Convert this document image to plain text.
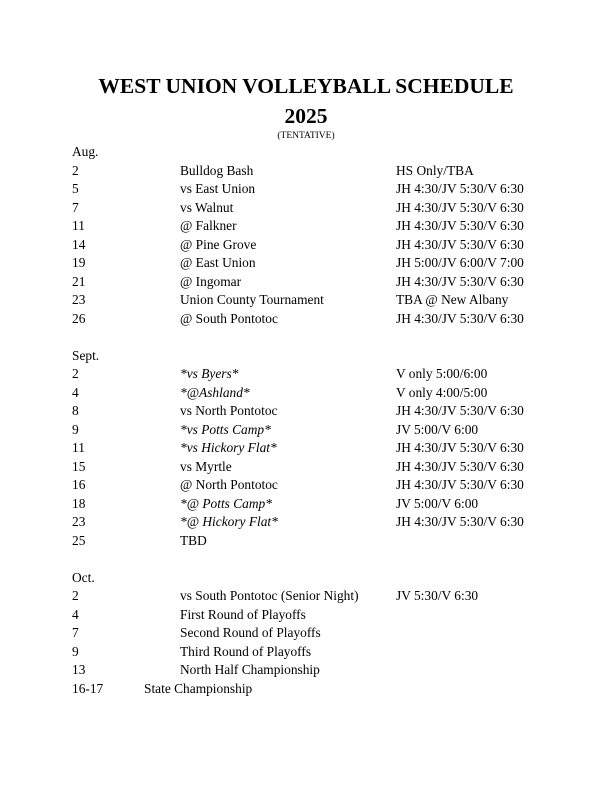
WEST UNION VOLLEYBALL SCHEDULE
2025
(TENTATIVE)
Aug.
2	Bulldog Bash	HS Only/TBA
5	vs East Union	JH 4:30/JV 5:30/V 6:30
7	vs Walnut	JH 4:30/JV 5:30/V 6:30
11	@ Falkner	JH 4:30/JV 5:30/V 6:30
14	@ Pine Grove	JH 4:30/JV 5:30/V 6:30
19	@ East Union	JH 5:00/JV 6:00/V 7:00
21	@ Ingomar	JH 4:30/JV 5:30/V 6:30
23	Union County Tournament	TBA @ New Albany
26	@ South Pontotoc	JH 4:30/JV 5:30/V 6:30
Sept.
2	*vs Byers*	V only 5:00/6:00
4	*@Ashland*	V only 4:00/5:00
8	vs North Pontotoc	JH 4:30/JV 5:30/V 6:30
9	*vs Potts Camp*	JV 5:00/V 6:00
11	*vs Hickory Flat*	JH 4:30/JV 5:30/V 6:30
15	vs Myrtle	JH 4:30/JV 5:30/V 6:30
16	@ North Pontotoc	JH 4:30/JV 5:30/V 6:30
18	*@ Potts Camp*	JV 5:00/V 6:00
23	*@ Hickory Flat*	JH 4:30/JV 5:30/V 6:30
25	TBD
Oct.
2	vs South Pontotoc (Senior Night)	JV 5:30/V 6:30
4	First Round of Playoffs
7	Second Round of Playoffs
9	Third Round of Playoffs
13	North Half Championship
16-17	State Championship
